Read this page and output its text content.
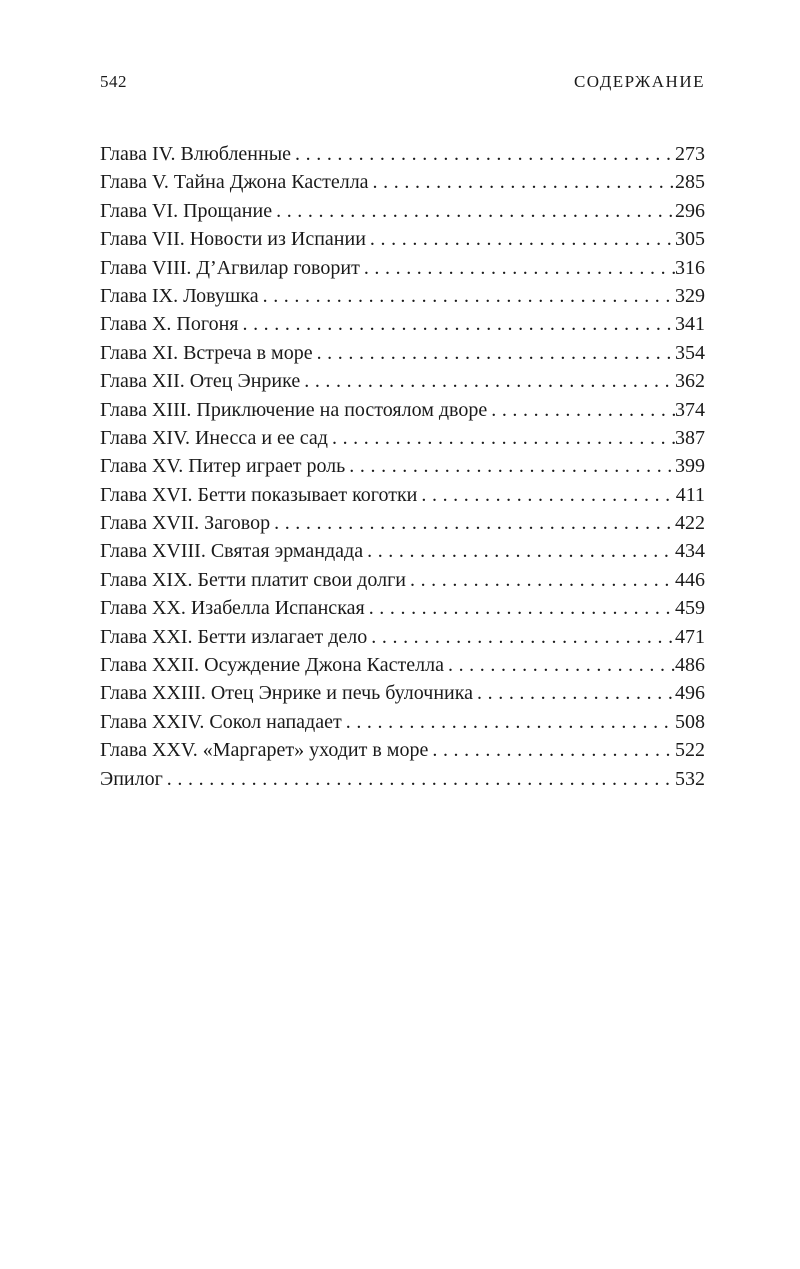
542	СОДЕРЖАНИЕ
Глава IV. Влюбленные .....	273
Глава V. Тайна Джона Кастелла .....	285
Глава VI. Прощание .....	296
Глава VII. Новости из Испании .....	305
Глава VIII. Д’Агвилар говорит .....	316
Глава IX. Ловушка .....	329
Глава X. Погоня .....	341
Глава XI. Встреча в море .....	354
Глава XII. Отец Энрике .....	362
Глава XIII. Приключение на постоялом дворе .....	374
Глава XIV. Инесса и ее сад .....	387
Глава XV. Питер играет роль .....	399
Глава XVI. Бетти показывает коготки .....	411
Глава XVII. Заговор .....	422
Глава XVIII. Святая эрмандада .....	434
Глава XIX. Бетти платит свои долги .....	446
Глава XX. Изабелла Испанская .....	459
Глава XXI. Бетти излагает дело .....	471
Глава XXII. Осуждение Джона Кастелла .....	486
Глава XXIII. Отец Энрике и печь булочника .....	496
Глава XXIV. Сокол нападает .....	508
Глава XXV. «Маргарет» уходит в море .....	522
Эпилог .....	532
